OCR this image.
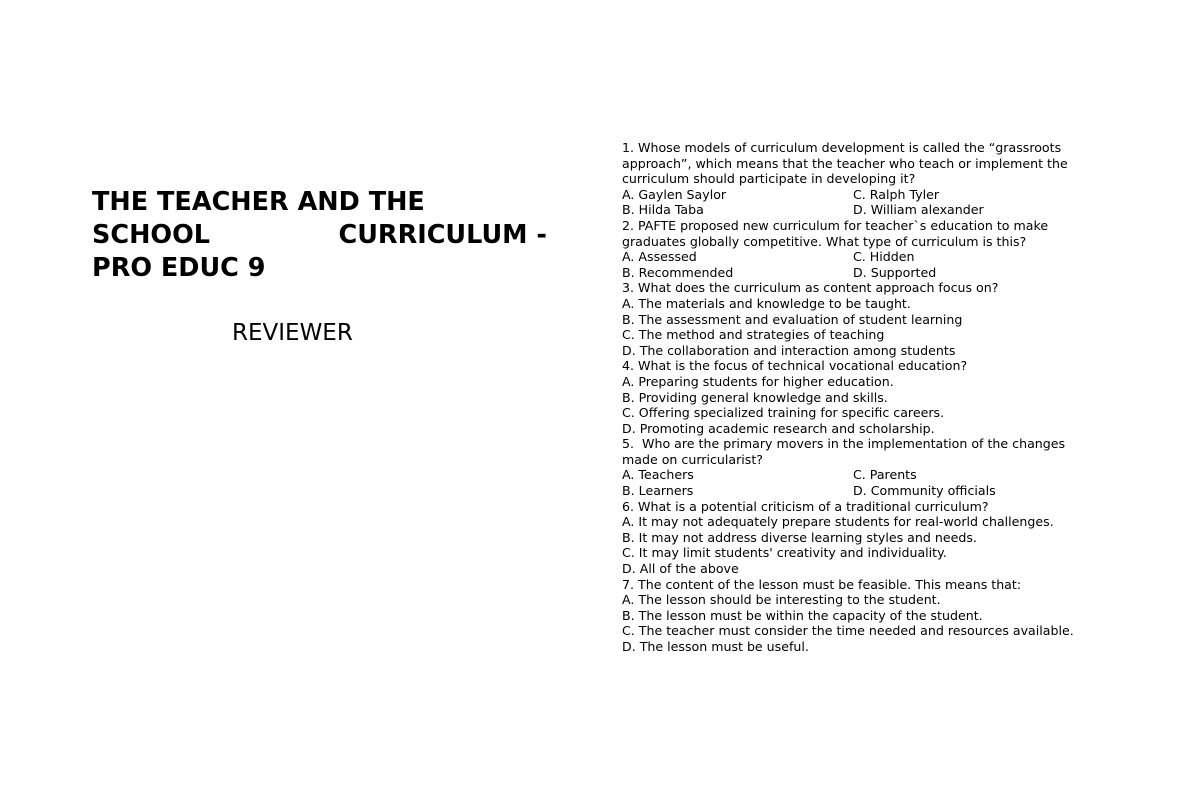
THE TEACHER AND THE
SCHOOL	CURRICULUM -
PRO EDUC 9

REVIEWER

1. Whose models of curriculum development is called the “grassroots
approach”, which means that the teacher who teach or implement the
curriculum should participate in developing it?
A. Gaylen Saylor	C. Ralph Tyler
B. Hilda Taba	D. William alexander
2. PAFTE proposed new curriculum for teacher`s education to make
graduates globally competitive. What type of curriculum is this?
A. Assessed	C. Hidden
B. Recommended	D. Supported
3. What does the curriculum as content approach focus on?
A. The materials and knowledge to be taught.
B. The assessment and evaluation of student learning
C. The method and strategies of teaching
D. The collaboration and interaction among students
4. What is the focus of technical vocational education?
A. Preparing students for higher education.
B. Providing general knowledge and skills.
C. Offering specialized training for specific careers.
D. Promoting academic research and scholarship.
5.  Who are the primary movers in the implementation of the changes
made on curricularist?
A. Teachers	C. Parents
B. Learners	D. Community officials
6. What is a potential criticism of a traditional curriculum?
A. It may not adequately prepare students for real-world challenges.
B. It may not address diverse learning styles and needs.
C. It may limit students' creativity and individuality.
D. All of the above
7. The content of the lesson must be feasible. This means that:
A. The lesson should be interesting to the student.
B. The lesson must be within the capacity of the student.
C. The teacher must consider the time needed and resources available.
D. The lesson must be useful.
